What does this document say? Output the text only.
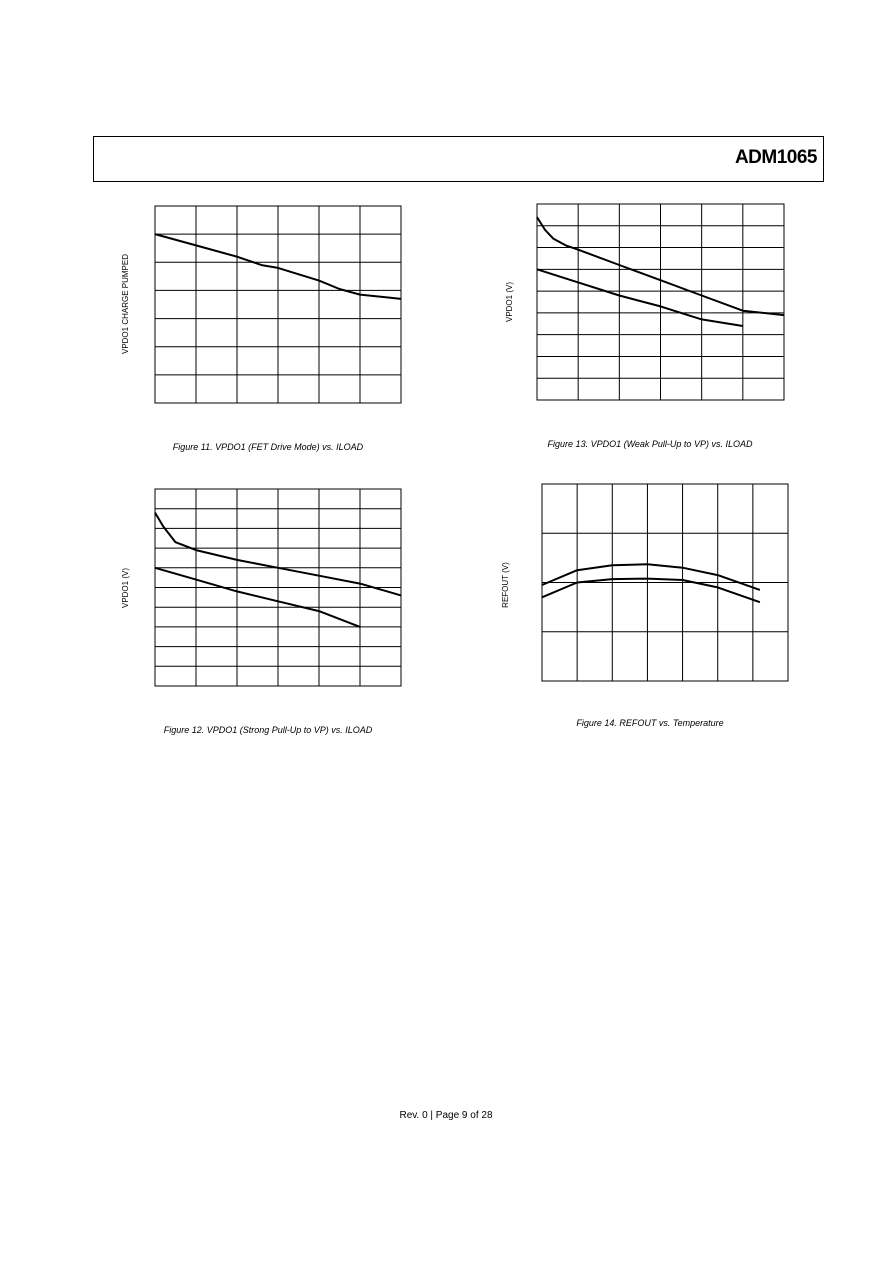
ADM1065
VPDO1 CHARGE PUMPED
Figure 11. VPDO1 (FET Drive Mode) vs. ILOAD
VPDO1 (V)
Figure 12. VPDO1 (Strong Pull-Up to VP) vs. ILOAD
VPDO1 (V)
Figure 13. VPDO1 (Weak Pull-Up to VP) vs. ILOAD
REFOUT (V)
Figure 14. REFOUT vs. Temperature
Rev. 0 | Page 9 of 28
